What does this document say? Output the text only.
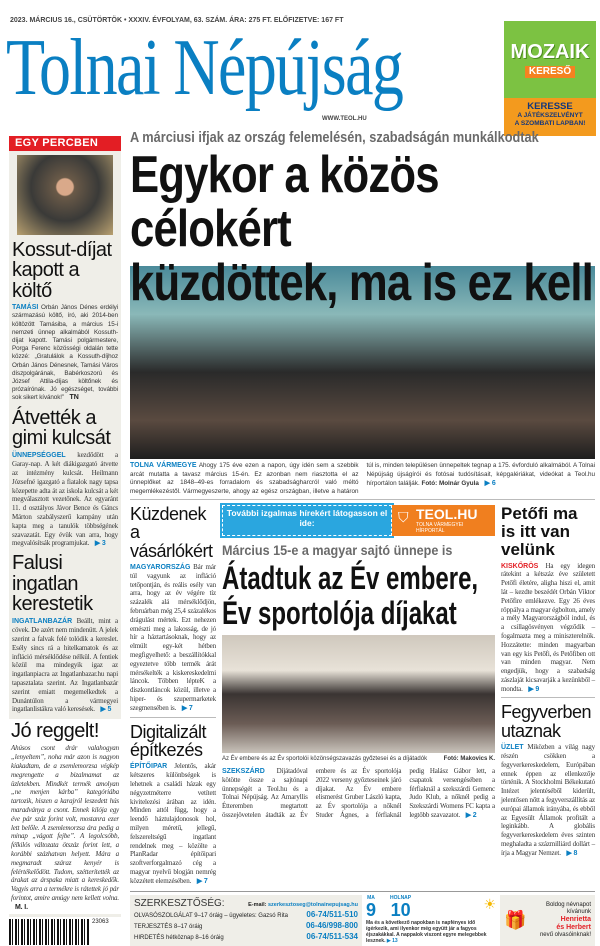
2023. MÁRCIUS 16., CSÜTÖRTÖK • XXXIV. ÉVFOLYAM, 63. SZÁM. ÁRA: 275 FT. ELŐFIZETVE: 167 FT
Tolnai Népújság
WWW.TEOL.HU
MOZAIK
KERESŐ
KERESSE
A JÁTÉKSZELVÉNYT
A SZOMBATI LAPBAN!
EGY PERCBEN
Kossut-díjat kapott a költő

TAMÁSI Orbán János Dénes erdélyi származású költő, író, aki 2014-ben költözött Tamásiba, a március 15-i nemzeti ünnep alkalmából Kossuth-díjat kapott. Tamási polgármestere, Porga Ferenc közösségi oldalán tette közzé: „Gratulálok a Kossuth-díjhoz Orbán János Dénesnek, Tamási Város díszpolgárának, Babérkoszorú és József Attila-díjas költőnek és prózaírónak. Jó egészséget, további sok sikert kívánok!” TN

Átvették a gimi kulcsát

ÜNNEPSÉGGEL kezdődött a Garay-nap. A két diákigazgató átvette az intézmény kulcsát. Heilmann Józsefné igazgató a fiatalok nagy tapsa közepette adta át az iskola kulcsát a két megválasztott vezetőnek. Az egyaránt 11. d osztályos Jávor Bence és Gáncs Márton szabályszerű kampány után kapta meg a tanulók többségének szavazatát. Egy évük van arra, hogy megvalósítsák programjukat. ▶ 3

Falusi ingatlan kerestetik

INGATLANBAZÁR Beállt, mint a cövek. De azért nem mindenütt. A jelek szerint a falvak felé tolódik a kereslet. Esély sincs rá a hitelkamatok és az infláció mérséklődése nélkül. A fentiek közül ma mindegyik igaz az ingatlanpiacra az Ingatlanbazar.hu napi tapasztalata szerint. Az Ingatlanbazár szerint emiatt megemelkedtek a Dunántúlon a vármegyei ingatlanlistákra való keresések. ▶ 5

Jó reggelt!

Ahúsos csont drár valahogyan „lenyeltem”, noha már azon is nagyon kiakadtam, de a zsemlemorzsa végkép megrengette a bizalmamat az üzletekben. Mindkét termék amolyan „ne menjen kárba” kategóriába tartozik, hiszen a karajról leszedett hús maradványa a csont. Ennek kilója egy éve pár száz forint volt, mostanra ezer lett belőle. A zsemlemorzsa ára pedig a minap „vágott fejbe”. A legolcsóbb, félkilós változata ötszáz forint lett, a korábbi százhatvan helyett. Mára a megmaradt száraz kenyér is felértékelődött. Tudom, szétterítették az árakat az árspaka miatt a kereskedők. Vagyis arra a termékre is rátettek jó pár forintot, amire amúgy nem kellett volna. M. I.

23063
A márciusi ifjak az ország felemelésén, szabadságán munkálkodtak
Egykor a közös célokért
küzdöttek, ma is ez kell

TOLNA VÁRMEGYE Ahogy 175 éve ezen a napon, úgy idén sem a szebbik arcát mutatta a tavasz március 15-én. Ez azonban nem riasztotta el az ünneplőket az 1848–49-es forradalom és szabadságharcról való méltó megemlékezéstől. Vármegyeszerte, ahogy az egész országban, illetve a határon túl is, minden településen ünnepeltek tegnap a 175. évforduló alkalmából. A Tolnai Népújság újságírói és fotósai tudósításait, képgalériákat, videókat a Teol.hu hírportálon találják. Fotó: Molnár Gyula ▶ 6

Küzdenek a vásárlókért

MAGYARORSZÁG Bár már túl vagyunk az infláció tetőpontján, és reális esély van arra, hogy az év végére tíz százalék alá mérséklődjön, februárban még 25,4 százalékos drágulást mértek. Ezt nehezen emészti meg a lakosság, de jó hír a háztartásoknak, hogy az elmúlt egy-két hétben megfigyelhető: a beszállítókkal egyeztetve több termék árát mérsékelték a kiskereskedelmi láncok. Többen lépteK a diszkontláncok közül, illetve a hiper- és szupermarketek szegmensében is. ▶ 7

Digitalizált építkezés

ÉPÍTŐIPAR Jelentős, akár kétszeres különbségek is lehetnek a családi házak egy négyzetméterre vetített kivitelezési árában az idén. Minden attól függ, hogy a leendő háztulajdonosok hol, milyen méretű, jellegű, felszereltségű ingatlant rendelnek meg – közölte a PlanRadar építőipari szoftverforgalmazó cég a magyar nyelvű blogján nemrég közzétett elemzésében. ▶ 7

További izgalmas hírekért látogasson el ide:	⛉ TEOL.HU
TOLNA VÁRMEGYEI HÍRPORTÁL
Március 15-e a magyar sajtó ünnepe is
Átadtuk az Év embere,
Év sportolója díjakat
Az Év embere és az Év sportolói közönségszavazás győztesei és a díjátadók	Fotó: Makovics K.

SZEKSZÁRD Díjátadóval kötötte össze a sajtónapi ünnepségét a Teol.hu és a Tolnai Népújság. Az Amaryllis Étteremben megtartott összejövetelen átadták az Év embere és az Év sportolója 2022 verseny győzteseinek járó díjakat. Az Év embere elismerést Gruber László kapta, az Év sportolója a nőknél Studer Ágnes, a férfiaknál pedig Halász Gábor lett, a csapatok versengésében a férfiaknál a szekszárdi Gemenc Judo Klub, a nőknél pedig a Szekszárdi Womens FC kapta a legtöbb szavazatot. ▶ 2

Petőfi ma is itt van velünk

KISKŐRÖS Ha egy idegen rátekint a kétszáz éve született Petőfi életére, aligha hiszi el, amit lát – kezdte beszédét Orbán Viktor Petőfire emlékezve. Egy 26 éves röppálya a magyar égbolton, amely a mély Magyarországból indul, és a csillagösvényen végződik – fogalmazta meg a miniszterelnök. Hozzátette: minden magyarban van egy kis Petőfi, és Petőfiben ott van minden magyar. Nem engedjük, hogy a szabadság zászlaját kicsavarják a kezünkből – mondta. ▶ 9

Fegyverben utaznak

ÜZLET Miközben a világ nagy részén csökken a fegyverkereskedelem, Európában ennek éppen az ellenkezője történik. A Stockholmi Békekutató Intézet jelentéséből kiderült, jelentősen nőtt a fegyverszállítás az európai államok irányába, és ebből az Egyesült Államok profitált a leginkább. A globális fegyverkereskedelem éves szinten meghaladta a százmilliárd dollárt – írja a Magyar Nemzet. ▶ 8

SZERKESZTŐSÉG:	E-mail: szerkesztoseg@tolnainepujsag.hu
OLVASÓSZOLGÁLAT 9–17 óráig – ügyeletes: Gazsó Rita 06-74/511-510
TERJESZTÉS 8–17 óráig	06-46/998-800
HIRDETÉS hétköznap 8–16 óráig	06-74/511-534
MA
9
HOLNAP
10	☀
Ma és a következő napokban is napfényes idő ígérkezik, ami ilyenkor még együtt jár a fagyos éjszakákkal. A nappalok viszont egyre melegebbek lesznek. ▶ 13
🎁
Boldog névnapot
kívánunk
Henrietta
és Herbert
nevű olvasóinknak!
